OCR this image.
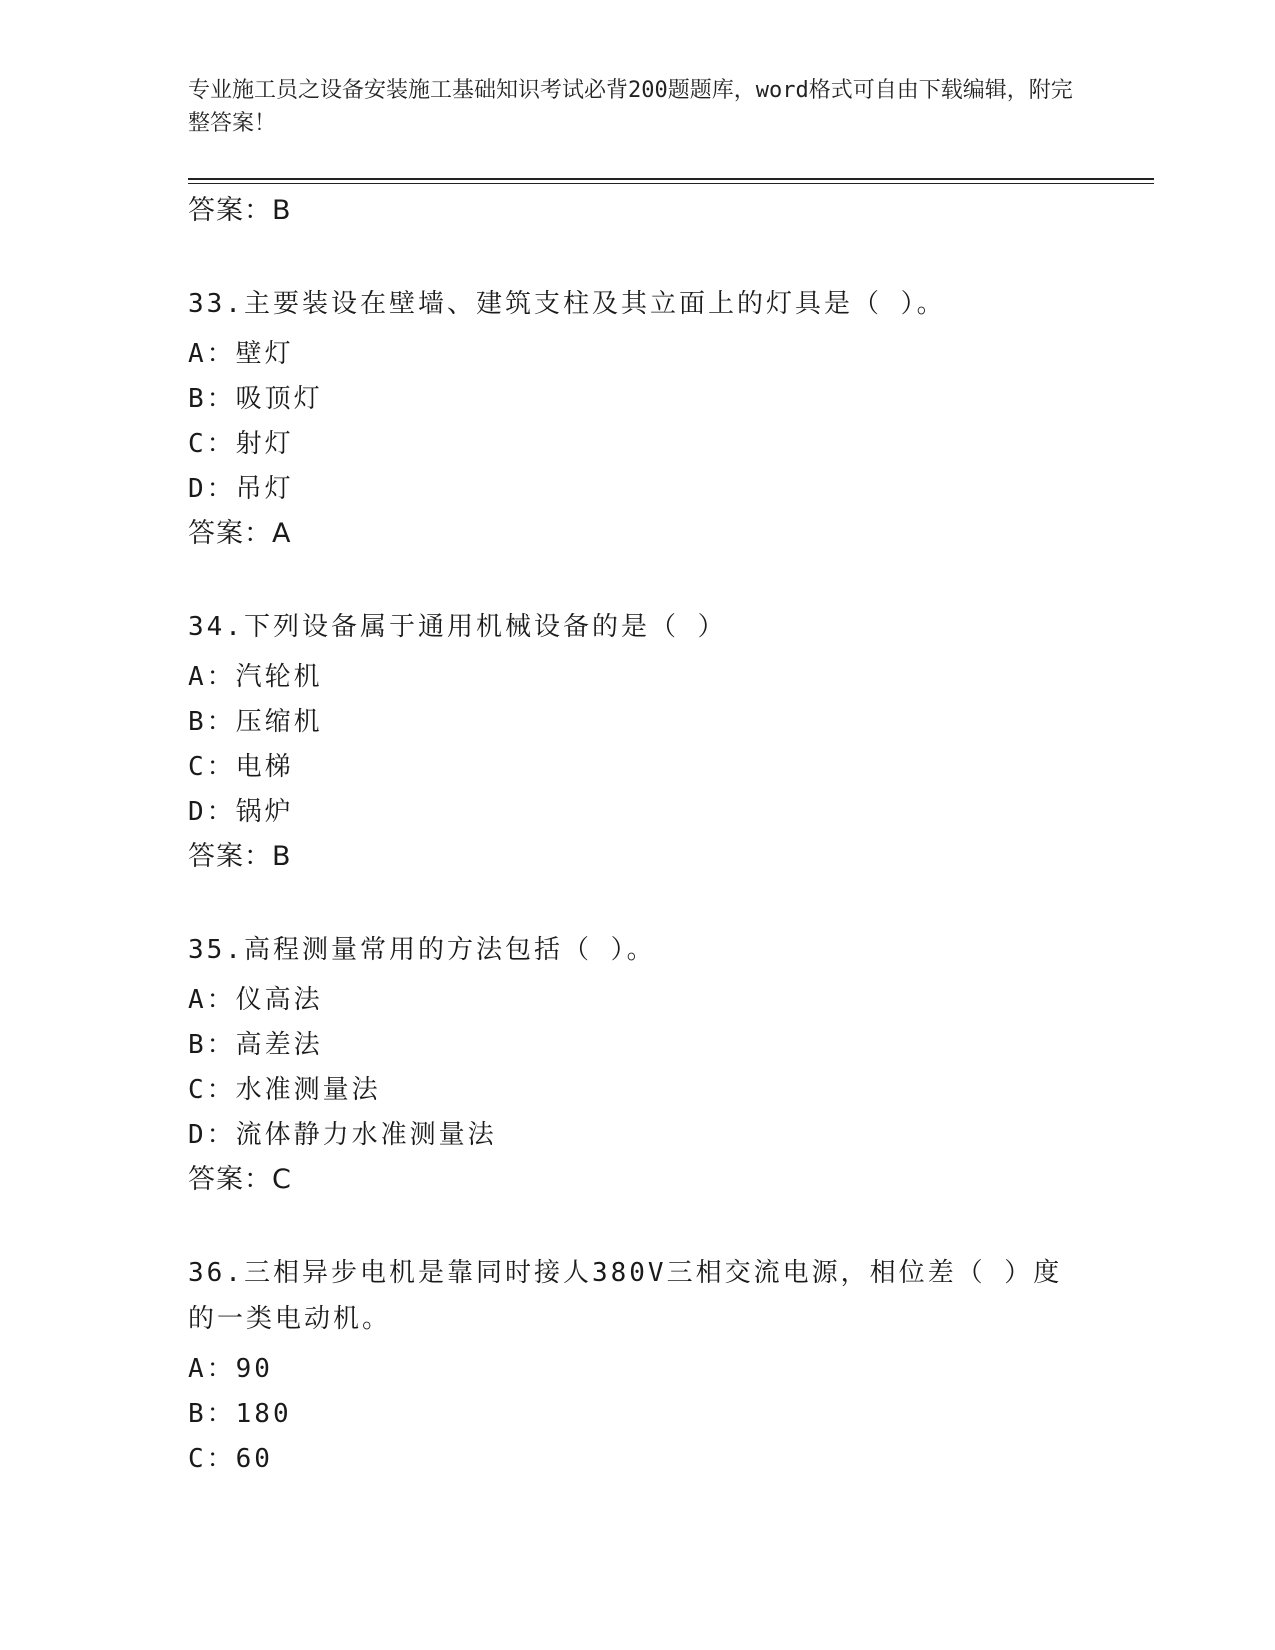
专业施工员之设备安装施工基础知识考试必背200题题库，word格式可自由下载编辑，附完整答案！
答案：B
33.主要装设在壁墙、建筑支柱及其立面上的灯具是（ ）。
A：壁灯
B：吸顶灯
C：射灯
D：吊灯
答案：A
34.下列设备属于通用机械设备的是（ ）
A：汽轮机
B：压缩机
C：电梯
D：锅炉
答案：B
35.高程测量常用的方法包括（ ）。
A：仪高法
B：高差法
C：水准测量法
D：流体静力水准测量法
答案：C
36.三相异步电机是靠同时接人380V三相交流电源，相位差（ ）度的一类电动机。
A：90
B：180
C：60
